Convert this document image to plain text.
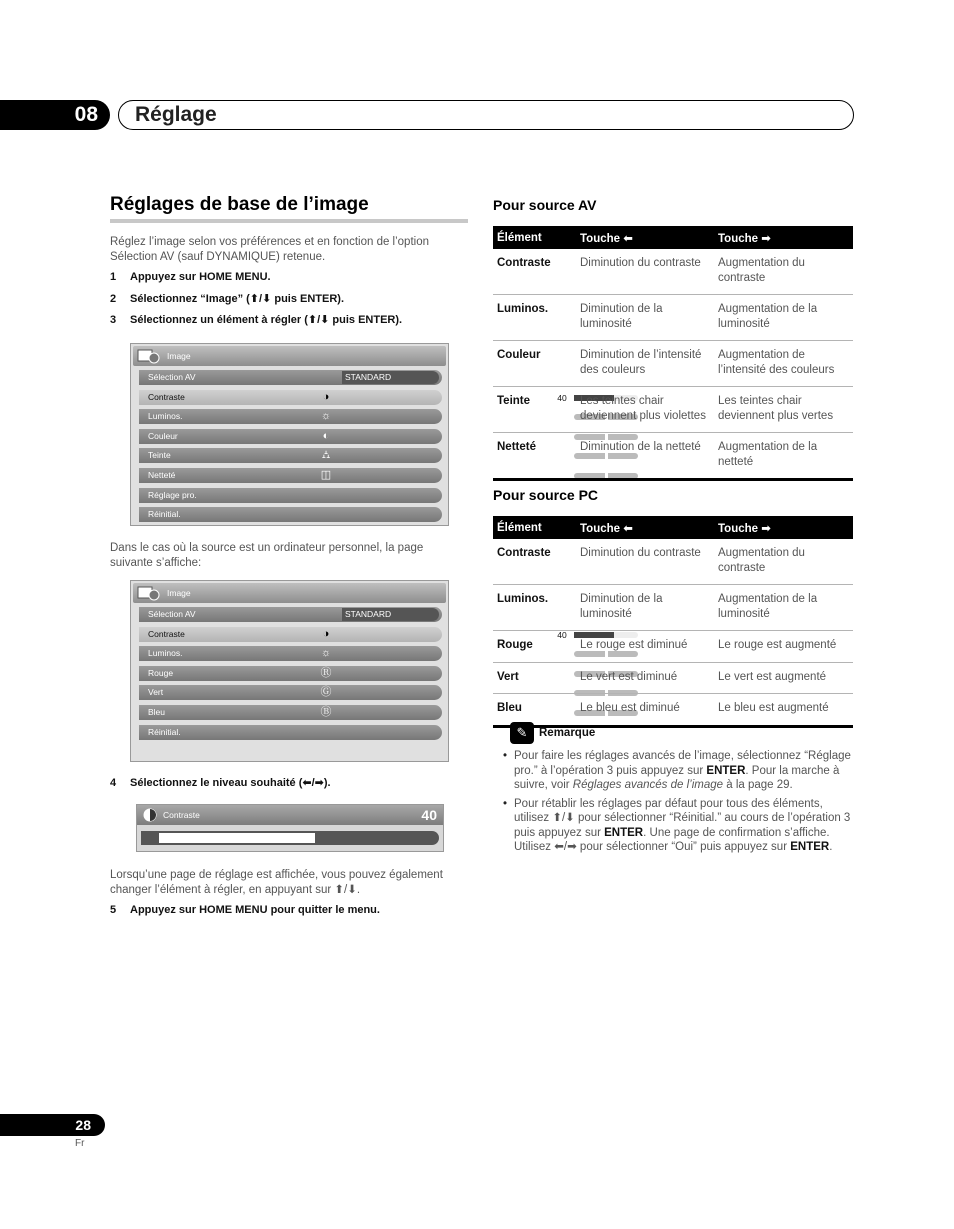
08	Réglage
Réglages de base de l’image
Réglez l’image selon vos préférences et en fonction de l’option Sélection AV (sauf DYNAMIQUE) retenue.
1 Appuyez sur HOME MENU.
2 Sélectionnez “Image” (⬆/⬇ puis ENTER).
3 Sélectionnez un élément à régler (⬆/⬇ puis ENTER).
Image
Sélection AV	STANDARD
Contraste	◑	40
Luminos.	☼	0
Couleur	◐	0
Teinte	⛼	0
Netteté	◫	0
Réglage pro.
Réinitial.
Dans le cas où la source est un ordinateur personnel, la page suivante s’affiche:
Image
Sélection AV	STANDARD
Contraste	◑	40
Luminos.	☼	0
Rouge	Ⓡ	0
Vert	Ⓖ	0
Bleu	Ⓑ	0
Réinitial.
4 Sélectionnez le niveau souhaité (⬅/➡).
Contraste	40
Lorsqu’une page de réglage est affichée, vous pouvez également changer l’élément à régler, en appuyant sur ⬆/⬇.
5 Appuyez sur HOME MENU pour quitter le menu.
Pour source AV
Élément	Touche ⬅	Touche ➡
Contraste	Diminution du contraste	Augmentation du contraste
Luminos.	Diminution de la luminosité	Augmentation de la luminosité
Couleur	Diminution de l’intensité des couleurs	Augmentation de l’intensité des couleurs
Teinte	Les teintes chair deviennent plus violettes	Les teintes chair deviennent plus vertes
Netteté	Diminution de la netteté	Augmentation de la netteté
Pour source PC
Élément	Touche ⬅	Touche ➡
Contraste	Diminution du contraste	Augmentation du contraste
Luminos.	Diminution de la luminosité	Augmentation de la luminosité
Rouge	Le rouge est diminué	Le rouge est augmenté
Vert	Le vert est diminué	Le vert est augmenté
Bleu	Le bleu est diminué	Le bleu est augmenté
✎ Remarque
• Pour faire les réglages avancés de l’image, sélectionnez “Réglage pro.” à l’opération 3 puis appuyez sur ENTER. Pour la marche à suivre, voir Réglages avancés de l’image à la page 29.
• Pour rétablir les réglages par défaut pour tous des éléments, utilisez ⬆/⬇ pour sélectionner “Réinitial.” au cours de l’opération 3 puis appuyez sur ENTER. Une page de confirmation s’affiche. Utilisez ⬅/➡ pour sélectionner “Oui” puis appuyez sur ENTER.
28
Fr
